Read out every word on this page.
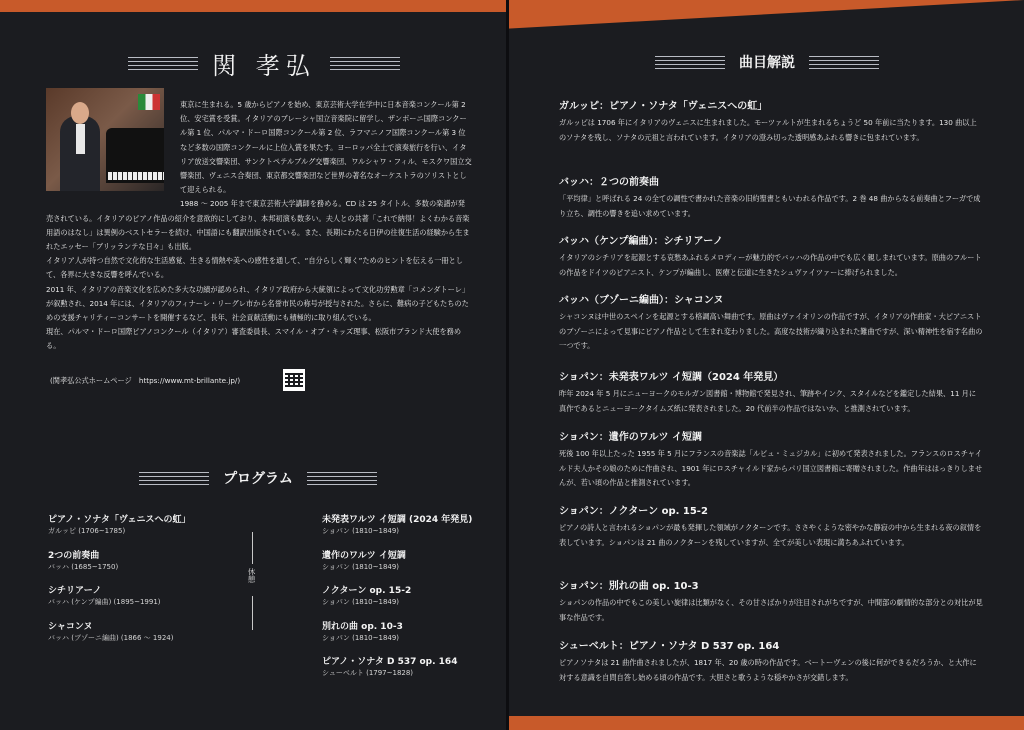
関 孝弘

東京に生まれる。5 歳からピアノを始め、東京芸術大学在学中に日本音楽コンクール第 2 位、安宅賞を受賞。イタリアのブレーシャ国立音楽院に留学し、ザンボーニ国際コンクール第 1 位、パルマ・ドーロ国際コンクール第 2 位、ラフマニノフ国際コンクール第 3 位など多数の国際コンクールに上位入賞を果たす。ヨーロッパ全土で演奏旅行を行い、イタリア放送交響楽団、サンクトペテルブルグ交響楽団、ワルシャワ・フィル、モスクワ国立交響楽団、ヴェニス合奏団、東京都交響楽団など世界の著名なオーケストラのソリストとして迎えられる。

1988 ～ 2005 年まで東京芸術大学講師を務める。CD は 25 タイトル、多数の楽譜が発売されている。イタリアのピアノ作品の紹介を意欲的にしており、本邦初演も数多い。夫人との共著「これで納得！よくわかる音楽用語のはなし」は異例のベストセラーを続け、中国語にも翻訳出版されている。また、長期にわたる日伊の往復生活の経験から生まれたエッセー「ブリッランテな日々」も出版。

イタリア人が持つ自然で文化的な生活感覚、生きる情熱や美への感性を通して、“自分らしく輝く”ためのヒントを伝える一冊として、各界に大きな反響を呼んでいる。

2011 年、イタリアの音楽文化を広めた多大な功績が認められ、イタリア政府から大統領によって文化功労勲章「コメンダトーレ」が叙勲され、2014 年には、イタリアのフィナーレ・リーグレ市から名誉市民の称号が授与された。さらに、難病の子どもたちのための支援チャリティーコンサートを開催するなど、長年、社会貢献活動にも積極的に取り組んでいる。

現在、パルマ・ドーロ国際ピアノコンクール（イタリア）審査委員長、スマイル・オブ・キッズ理事、松阪市ブランド大使を務める。

(関孝弘公式ホームページ　https://www.mt-brillante.jp/)
プログラム
ピアノ・ソナタ「ヴェニスへの虹」
ガルッピ (1706~1785)
2つの前奏曲
バッハ (1685~1750)
シチリアーノ
バッハ (ケンプ編曲) (1895~1991)
シャコンヌ
バッハ (ブゾーニ編曲) (1866 ～ 1924)
休憩
未発表ワルツ イ短調 (2024 年発見)
ショパン (1810~1849)
遺作のワルツ イ短調
ショパン (1810~1849)
ノクターン op. 15-2
ショパン (1810~1849)
別れの曲 op. 10-3
ショパン (1810~1849)
ピアノ・ソナタ D 537 op. 164
シューベルト (1797~1828)
曲目解説
ガルッピ：ピアノ・ソナタ「ヴェニスへの虹」
ガルッピは 1706 年にイタリアのヴェニスに生まれました。モーツァルトが生まれるちょうど 50 年前に当たります。130 曲以上のソナタを残し、ソナタの元祖と言われています。イタリアの澄み切った透明感あふれる響きに包まれています。
バッハ：２つの前奏曲
「平均律」と呼ばれる 24 の全ての調性で書かれた音楽の旧約聖書ともいわれる作品です。2 巻 48 曲からなる前奏曲とフーガで成り立ち、調性の響きを追い求めています。
バッハ（ケンプ編曲）：シチリアーノ
イタリアのシチリアを起源とする哀愁あふれるメロディーが魅力的でバッハの作品の中でも広く親しまれています。原曲のフルートの作品をドイツのピアニスト、ケンプが編曲し、医療と伝道に生きたシュヴァイツァーに捧げられました。
バッハ（ブゾーニ編曲）：シャコンヌ
シャコンヌは中世のスペインを起源とする格調高い舞曲です。原曲はヴァイオリンの作品ですが、イタリアの作曲家・大ピアニストのブゾーニによって見事にピアノ作品として生まれ変わりました。高度な技術が織り込まれた難曲ですが、深い精神性を宿す名曲の一つです。
ショパン：未発表ワルツ イ短調（2024 年発見）
昨年 2024 年 5 月にニューヨークのモルガン図書館・博物館で発見され、筆跡やインク、スタイルなどを鑑定した結果、11 月に真作であるとニューヨークタイムズ紙に発表されました。20 代前半の作品ではないか、と推測されています。
ショパン：遺作のワルツ イ短調
死後 100 年以上たった 1955 年 5 月にフランスの音楽誌「ルビュ・ミュジカル」に初めて発表されました。フランスのロスチャイルド夫人かその娘のために作曲され、1901 年にロスチャイルド家からパリ国立図書館に寄贈されました。作曲年ははっきりしませんが、若い頃の作品と推測されています。
ショパン：ノクターン op. 15-2
ピアノの詩人と言われるショパンが最も発揮した領域がノクターンです。ささやくような密やかな静寂の中から生まれる夜の叙情を表しています。ショパンは 21 曲のノクターンを残していますが、全てが美しい表現に満ちあふれています。
ショパン：別れの曲 op. 10-3
ショパンの作品の中でもこの美しい旋律は比類がなく、その甘さばかりが注目されがちですが、中間部の劇情的な部分との対比が見事な作品です。
シューベルト：ピアノ・ソナタ D 537 op. 164
ピアノソナタは 21 曲作曲されましたが、1817 年、20 歳の時の作品です。ベートーヴェンの後に何ができるだろうか、と大作に対する意識を自問自答し始める頃の作品です。大胆さと歌うような穏やかさが交錯します。
